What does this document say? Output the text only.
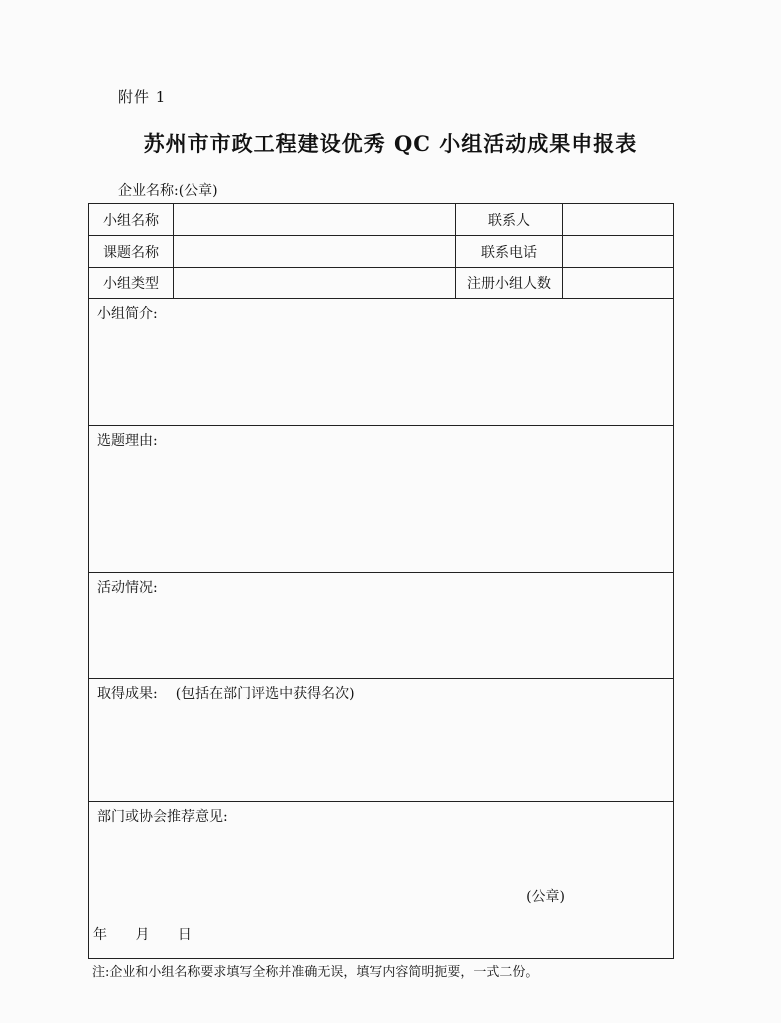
附件 1
苏州市市政工程建设优秀 QC 小组活动成果申报表
企业名称:(公章)
小组名称	联系人
课题名称	联系电话
小组类型	注册小组人数
小组简介:
选题理由:
活动情况:
取得成果: (包括在部门评选中获得名次)
部门或协会推荐意见:
(公章)
年 月 日
注:企业和小组名称要求填写全称并准确无误，填写内容简明扼要，一式二份。
